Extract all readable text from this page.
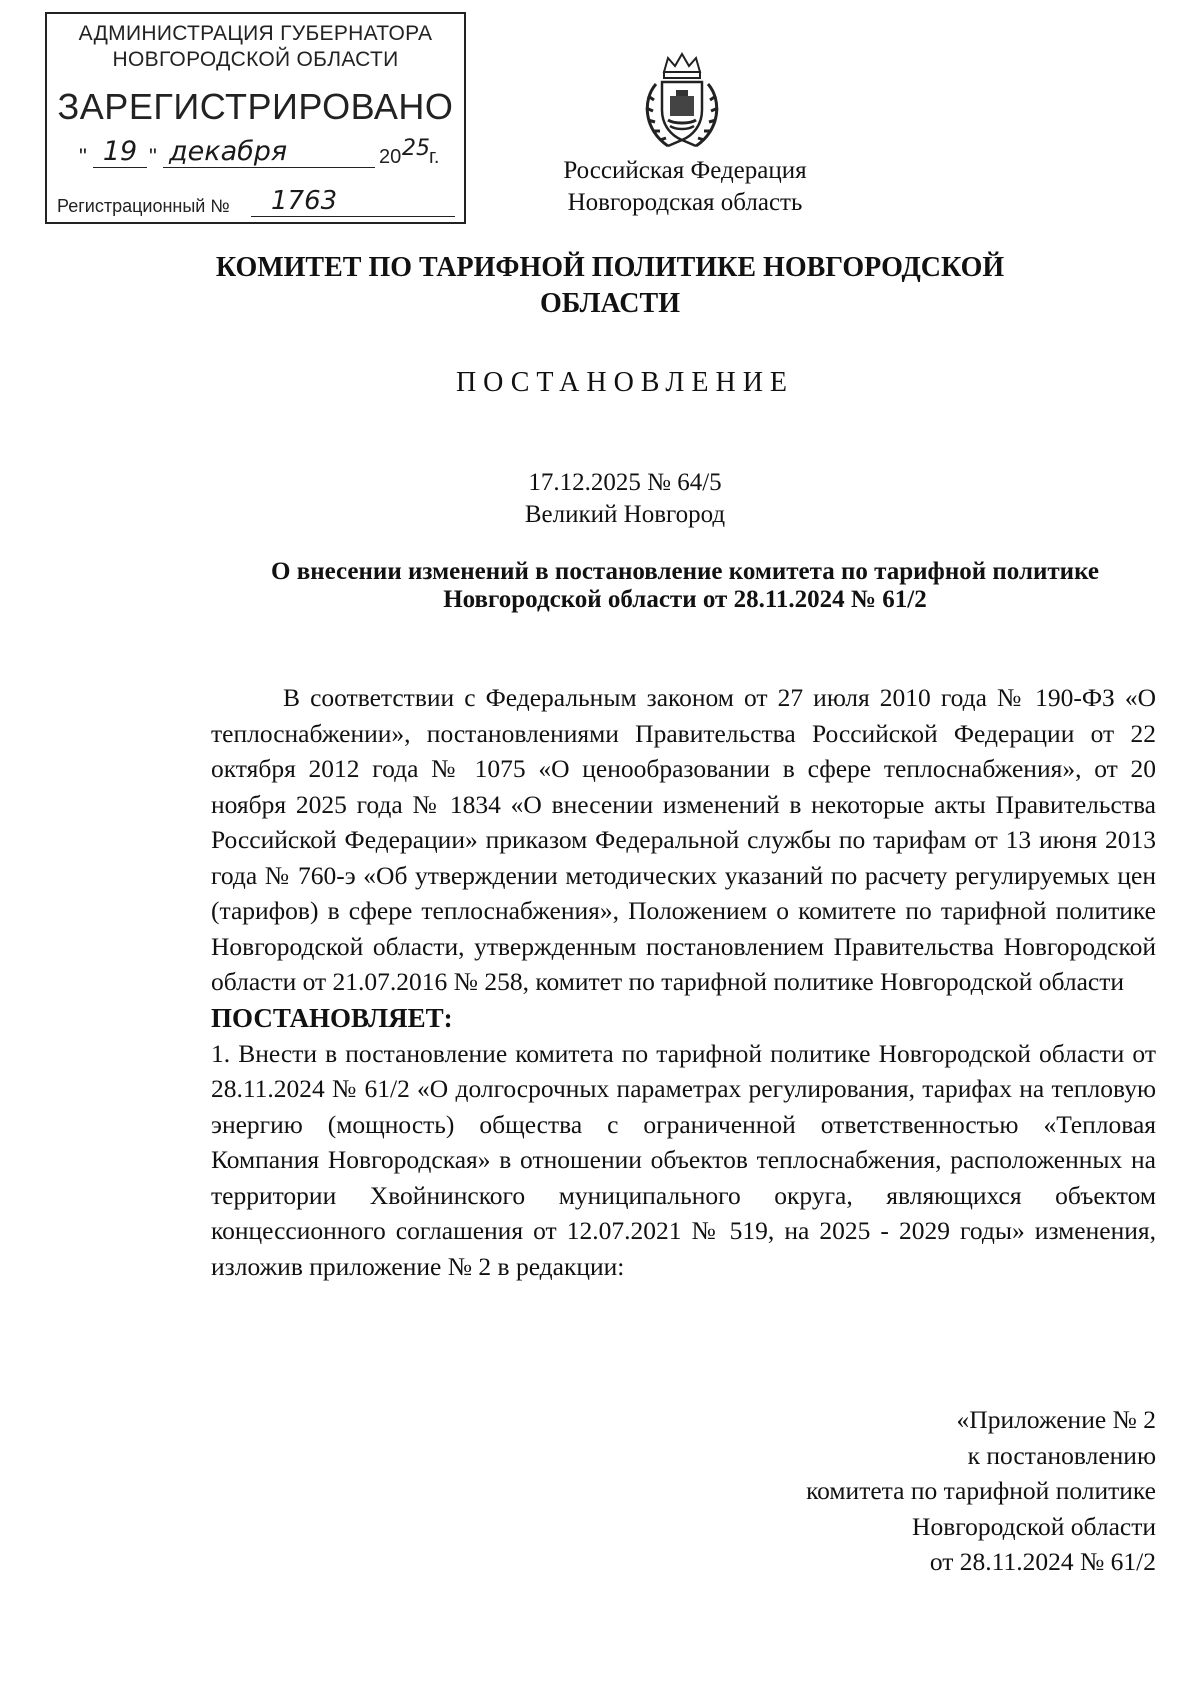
АДМИНИСТРАЦИЯ ГУБЕРНАТОРА
НОВГОРОДСКОЙ ОБЛАСТИ
ЗАРЕГИСТРИРОВАНО
" 19 " декабря	20 25 г.
Регистрационный №	1763
Российская Федерация
Новгородская область
КОМИТЕТ ПО ТАРИФНОЙ ПОЛИТИКЕ НОВГОРОДСКОЙ
ОБЛАСТИ
ПОСТАНОВЛЕНИЕ
17.12.2025 № 64/5
Великий Новгород
О внесении изменений в постановление комитета по тарифной политике
Новгородской области от 28.11.2024 № 61/2

В соответствии с Федеральным законом от 27 июля 2010 года № 190-ФЗ «О теплоснабжении», постановлениями Правительства Российской Федерации от 22 октября 2012 года № 1075 «О ценообразовании в сфере теплоснабжения», от 20 ноября 2025 года № 1834 «О внесении изменений в некоторые акты Правительства Российской Федерации» приказом Федеральной службы по тарифам от 13 июня 2013 года № 760-э «Об утверждении методических указаний по расчету регулируемых цен (тарифов) в сфере теплоснабжения», Положением о комитете по тарифной политике Новгородской области, утвержденным постановлением Правительства Новгородской области от 21.07.2016 № 258, комитет по тарифной политике Новгородской области

ПОСТАНОВЛЯЕТ:

1. Внести в постановление комитета по тарифной политике Новгородской области от 28.11.2024 № 61/2 «О долгосрочных параметрах регулирования, тарифах на тепловую энергию (мощность) общества с ограниченной ответственностью «Тепловая Компания Новгородская» в отношении объектов теплоснабжения, расположенных на территории Хвойнинского муниципального округа, являющихся объектом концессионного соглашения от 12.07.2021 № 519, на 2025 - 2029 годы» изменения, изложив приложение № 2 в редакции:

«Приложение № 2
к постановлению
комитета по тарифной политике
Новгородской области
от 28.11.2024 № 61/2
